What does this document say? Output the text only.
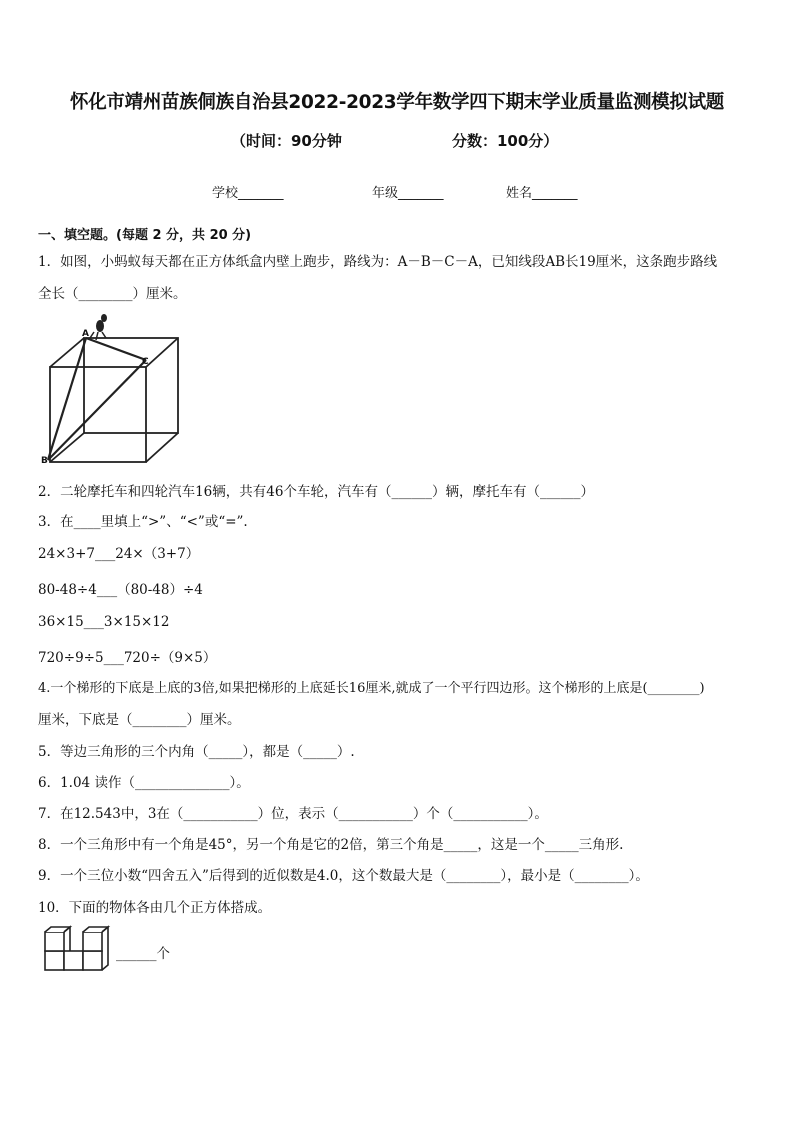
怀化市靖州苗族侗族自治县2022-2023学年数学四下期末学业质量监测模拟试题
（时间：90分钟	分数：100分）
学校_______	年级_______	姓名_______
一、填空题。(每题 2 分，共 20 分)
1．如图，小蚂蚁每天都在正方体纸盒内壁上跑步，路线为：A－B－C－A，已知线段AB长19厘米，这条跑步路线
全长（________）厘米。
A
B
C
2．二轮摩托车和四轮汽车16辆，共有46个车轮，汽车有（______）辆，摩托车有（______）
3．在____里填上“>”、“<”或“=”.
24×3+7___24×（3+7）
80-48÷4___（80-48）÷4
36×15___3×15×12
720÷9÷5___720÷（9×5）
4.一个梯形的下底是上底的3倍,如果把梯形的上底延长16厘米,就成了一个平行四边形。这个梯形的上底是(________)
厘米，下底是（________）厘米。
5．等边三角形的三个内角（_____），都是（_____）.
6．1.04 读作（______________）。
7．在12.543中，3在（___________）位，表示（___________）个（___________）。
8．一个三角形中有一个角是45°，另一个角是它的2倍，第三个角是_____，这是一个_____三角形.
9．一个三位小数“四舍五入”后得到的近似数是4.0，这个数最大是（________），最小是（________）。
10．下面的物体各由几个正方体搭成。
______个
